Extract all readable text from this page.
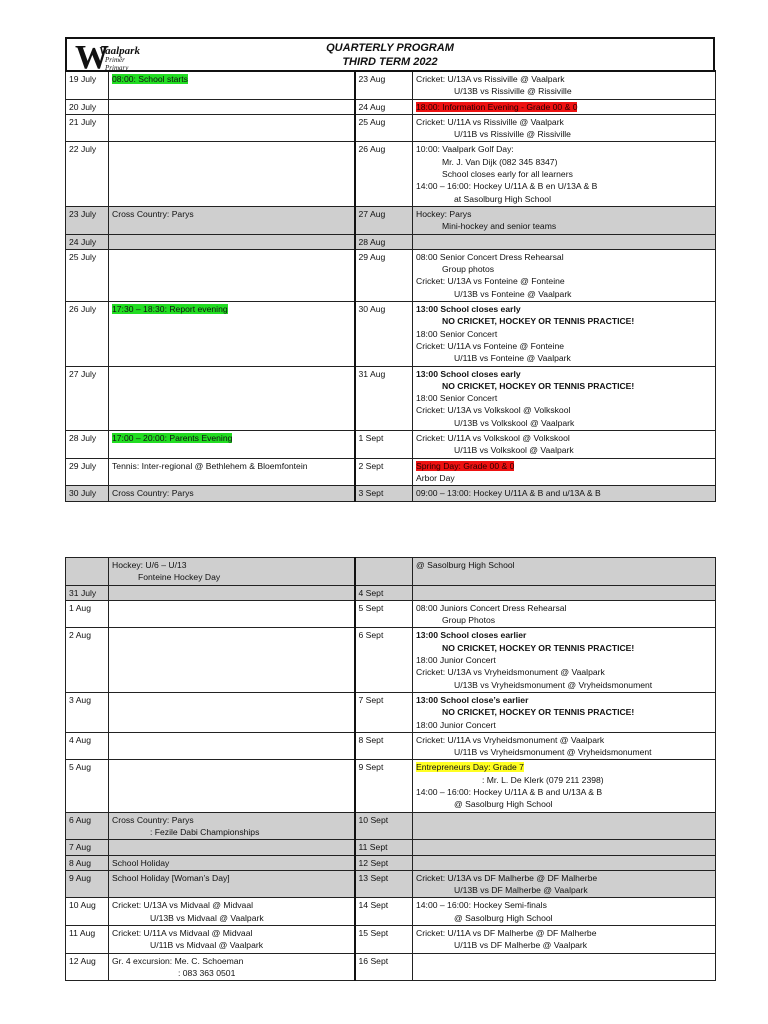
W
Vaalpark
Primêr
Primary
QUARTERLY PROGRAM
THIRD TERM 2022
19 July	08:00: School starts	23 Aug	Cricket: U/13A vs Rissiville @ Vaalpark
U/13B vs Rissiville @ Rissiville

20 July		24 Aug	18:00: Information Evening - Grade 00 & 0

21 July		25 Aug	Cricket: U/11A vs Rissiville @ Vaalpark
U/11B vs Rissiville @ Rissiville

22 July		26 Aug	10:00: Vaalpark Golf Day:
Mr. J. Van Dijk (082 345 8347)
School closes early for all learners
14:00 – 16:00: Hockey U/11A & B en U/13A & B
at Sasolburg High School

23 July	Cross Country: Parys	27 Aug	Hockey: Parys
Mini-hockey and senior teams

24 July		28 Aug	

25 July		29 Aug	08:00 Senior Concert Dress Rehearsal
Group photos
Cricket: U/13A vs Fonteine @ Fonteine
U/13B vs Fonteine @ Vaalpark

26 July	17:30 – 18:30: Report evening	30 Aug	13:00 School closes early
NO CRICKET, HOCKEY OR TENNIS PRACTICE!
18:00 Senior Concert
Cricket: U/11A vs Fonteine @ Fonteine
U/11B vs Fonteine @ Vaalpark

27 July		31 Aug	13:00 School closes early
NO CRICKET, HOCKEY OR TENNIS PRACTICE!
18:00 Senior Concert
Cricket: U/13A vs Volkskool @ Volkskool
U/13B vs Volkskool @ Vaalpark

28 July	17:00 – 20:00: Parents Evening	1 Sept	Cricket: U/11A vs Volkskool @ Volkskool
U/11B vs Volkskool @ Vaalpark

29 July	Tennis: Inter-regional @ Bethlehem & Bloemfontein	2 Sept	Spring Day: Grade 00 & 0
Arbor Day

30 July	Cross Country: Parys	3 Sept	09:00 – 13:00: Hockey U/11A & B and u/13A & B

	Hockey: U/6 – U/13
Fonteine Hockey Day		@ Sasolburg High School

31 July		4 Sept	

1 Aug		5 Sept	08:00 Juniors Concert Dress Rehearsal
Group Photos

2 Aug		6 Sept	13:00 School closes earlier
NO CRICKET, HOCKEY OR TENNIS PRACTICE!
18:00 Junior Concert
Cricket: U/13A vs Vryheidsmonument @ Vaalpark
U/13B vs Vryheidsmonument @ Vryheidsmonument

3 Aug		7 Sept	13:00 School close’s earlier
NO CRICKET, HOCKEY OR TENNIS PRACTICE!
18:00 Junior Concert

4 Aug		8 Sept	Cricket: U/11A vs Vryheidsmonument @ Vaalpark
U/11B vs Vryheidsmonument @ Vryheidsmonument

5 Aug		9 Sept	Entrepreneurs Day: Grade 7
: Mr. L. De Klerk (079 211 2398)
14:00 – 16:00: Hockey U/11A & B and U/13A & B
@ Sasolburg High School

6 Aug	Cross Country: Parys
: Fezile Dabi Championships	10 Sept	

7 Aug		11 Sept	

8 Aug	School Holiday	12 Sept	

9 Aug	School Holiday [Woman’s Day]	13 Sept	Cricket: U/13A vs DF Malherbe @ DF Malherbe
U/13B vs DF Malherbe @ Vaalpark

10 Aug	Cricket: U/13A vs Midvaal @ Midvaal
U/13B vs Midvaal @ Vaalpark	14 Sept	14:00 – 16:00: Hockey Semi-finals
@ Sasolburg High School

11 Aug	Cricket: U/11A vs Midvaal @ Midvaal
U/11B vs Midvaal @ Vaalpark	15 Sept	Cricket: U/11A vs DF Malherbe @ DF Malherbe
U/11B vs DF Malherbe @ Vaalpark

12 Aug	Gr. 4 excursion: Me. C. Schoeman
: 083 363 0501	16 Sept	
